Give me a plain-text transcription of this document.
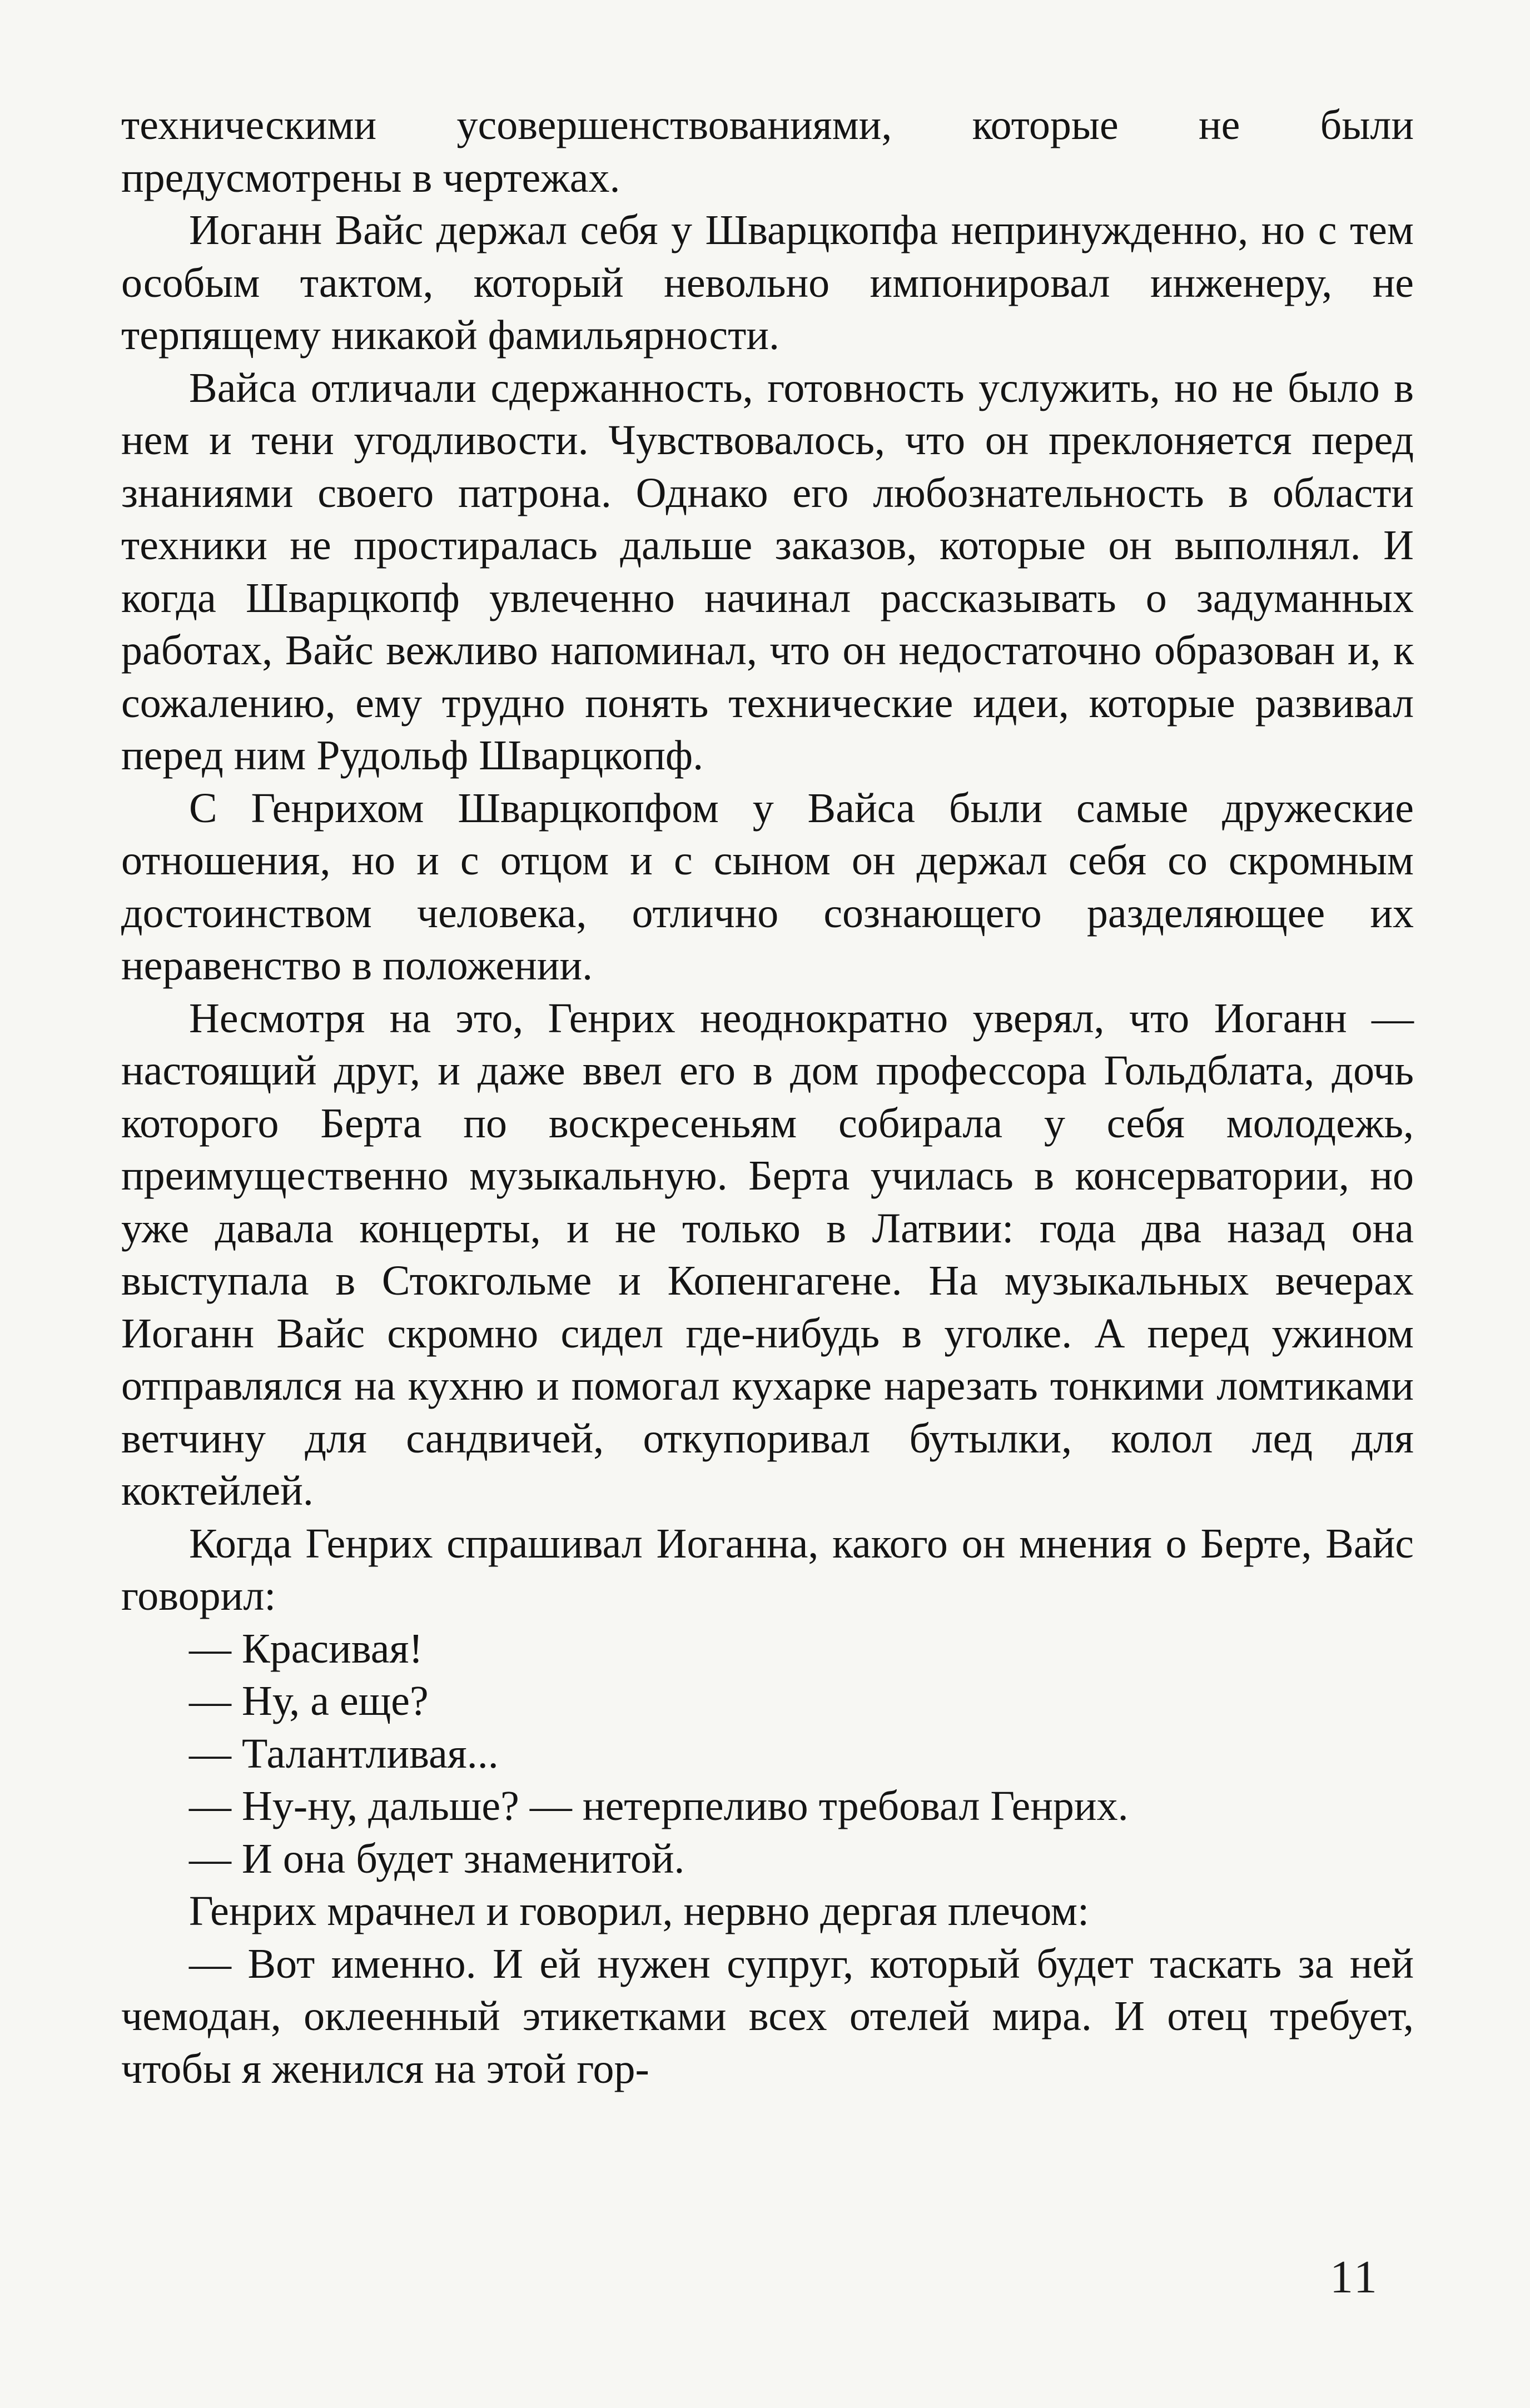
техническими усовершенствованиями, которые не были предусмотрены в чертежах.

Иоганн Вайс держал себя у Шварцкопфа непринужденно, но с тем особым тактом, который невольно импонировал инженеру, не терпящему никакой фамильярности.

Вайса отличали сдержанность, готовность услужить, но не было в нем и тени угодливости. Чувствовалось, что он преклоняется перед знаниями своего патрона. Однако его любознательность в области техники не простиралась дальше заказов, которые он выполнял. И когда Шварцкопф увлеченно начинал рассказывать о задуманных работах, Вайс вежливо напоминал, что он недостаточно образован и, к сожалению, ему трудно понять технические идеи, которые развивал перед ним Рудольф Шварцкопф.

С Генрихом Шварцкопфом у Вайса были самые дружеские отношения, но и с отцом и с сыном он держал себя со скромным достоинством человека, отлично сознающего разделяющее их неравенство в положении.

Несмотря на это, Генрих неоднократно уверял, что Иоганн — настоящий друг, и даже ввел его в дом профессора Гольдблата, дочь которого Берта по воскресеньям собирала у себя молодежь, преимущественно музыкальную. Берта училась в консерватории, но уже давала концерты, и не только в Латвии: года два назад она выступала в Стокгольме и Копенгагене. На музыкальных вечерах Иоганн Вайс скромно сидел где-нибудь в уголке. А перед ужином отправлялся на кухню и помогал кухарке нарезать тонкими ломтиками ветчину для сандвичей, откупоривал бутылки, колол лед для коктейлей.

Когда Генрих спрашивал Иоганна, какого он мнения о Берте, Вайс говорил:

— Красивая!

— Ну, а еще?

— Талантливая...

— Ну-ну, дальше? — нетерпеливо требовал Генрих.

— И она будет знаменитой.

Генрих мрачнел и говорил, нервно дергая плечом:

— Вот именно. И ей нужен супруг, который будет таскать за ней чемодан, оклеенный этикетками всех отелей мира. И отец требует, чтобы я женился на этой гор-

11
